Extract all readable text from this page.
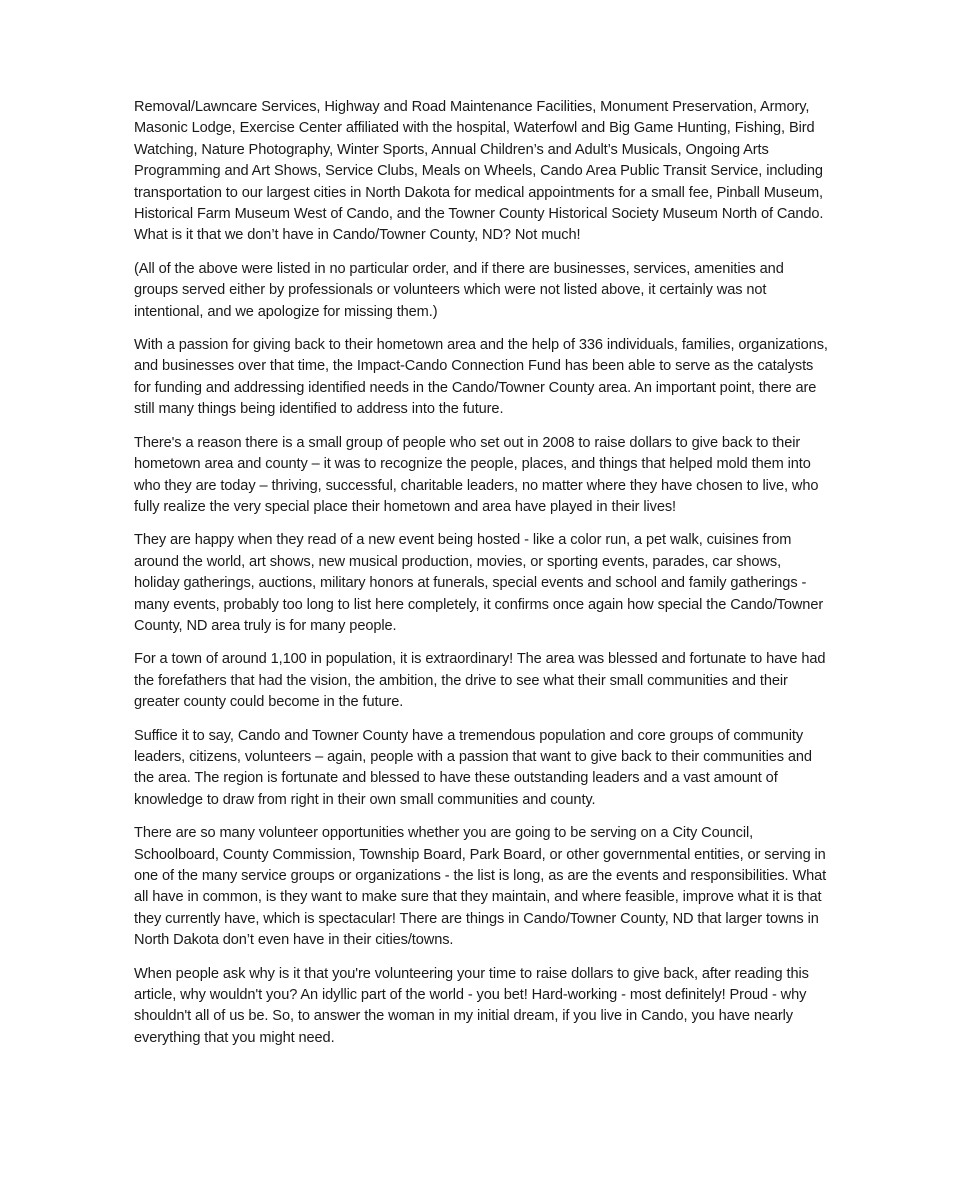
Removal/Lawncare Services, Highway and Road Maintenance Facilities, Monument Preservation, Armory, Masonic Lodge, Exercise Center affiliated with the hospital, Waterfowl and Big Game Hunting, Fishing, Bird Watching, Nature Photography, Winter Sports, Annual Children’s and Adult’s Musicals, Ongoing Arts Programming and Art Shows, Service Clubs, Meals on Wheels, Cando Area Public Transit Service, including transportation to our largest cities in North Dakota for medical appointments for a small fee, Pinball Museum, Historical Farm Museum West of Cando, and the Towner County Historical Society Museum North of Cando. What is it that we don’t have in Cando/Towner County, ND? Not much!

(All of the above were listed in no particular order, and if there are businesses, services, amenities and groups served either by professionals or volunteers which were not listed above, it certainly was not intentional, and we apologize for missing them.)

With a passion for giving back to their hometown area and the help of 336 individuals, families, organizations, and businesses over that time, the Impact-Cando Connection Fund has been able to serve as the catalysts for funding and addressing identified needs in the Cando/Towner County area. An important point, there are still many things being identified to address into the future.

There's a reason there is a small group of people who set out in 2008 to raise dollars to give back to their hometown area and county – it was to recognize the people, places, and things that helped mold them into who they are today – thriving, successful, charitable leaders, no matter where they have chosen to live, who fully realize the very special place their hometown and area have played in their lives!

They are happy when they read of a new event being hosted - like a color run, a pet walk, cuisines from around the world, art shows, new musical production, movies, or sporting events, parades, car shows, holiday gatherings, auctions, military honors at funerals, special events and school and family gatherings - many events, probably too long to list here completely, it confirms once again how special the Cando/Towner County, ND area truly is for many people.

For a town of around 1,100 in population, it is extraordinary! The area was blessed and fortunate to have had the forefathers that had the vision, the ambition, the drive to see what their small communities and their greater county could become in the future.

Suffice it to say, Cando and Towner County have a tremendous population and core groups of community leaders, citizens, volunteers – again, people with a passion that want to give back to their communities and the area. The region is fortunate and blessed to have these outstanding leaders and a vast amount of knowledge to draw from right in their own small communities and county.

There are so many volunteer opportunities whether you are going to be serving on a City Council, Schoolboard, County Commission, Township Board, Park Board, or other governmental entities, or serving in one of the many service groups or organizations - the list is long, as are the events and responsibilities. What all have in common, is they want to make sure that they maintain, and where feasible, improve what it is that they currently have, which is spectacular! There are things in Cando/Towner County, ND that larger towns in North Dakota don’t even have in their cities/towns.

When people ask why is it that you're volunteering your time to raise dollars to give back, after reading this article, why wouldn't you? An idyllic part of the world - you bet! Hard-working - most definitely! Proud - why shouldn't all of us be. So, to answer the woman in my initial dream, if you live in Cando, you have nearly everything that you might need.
